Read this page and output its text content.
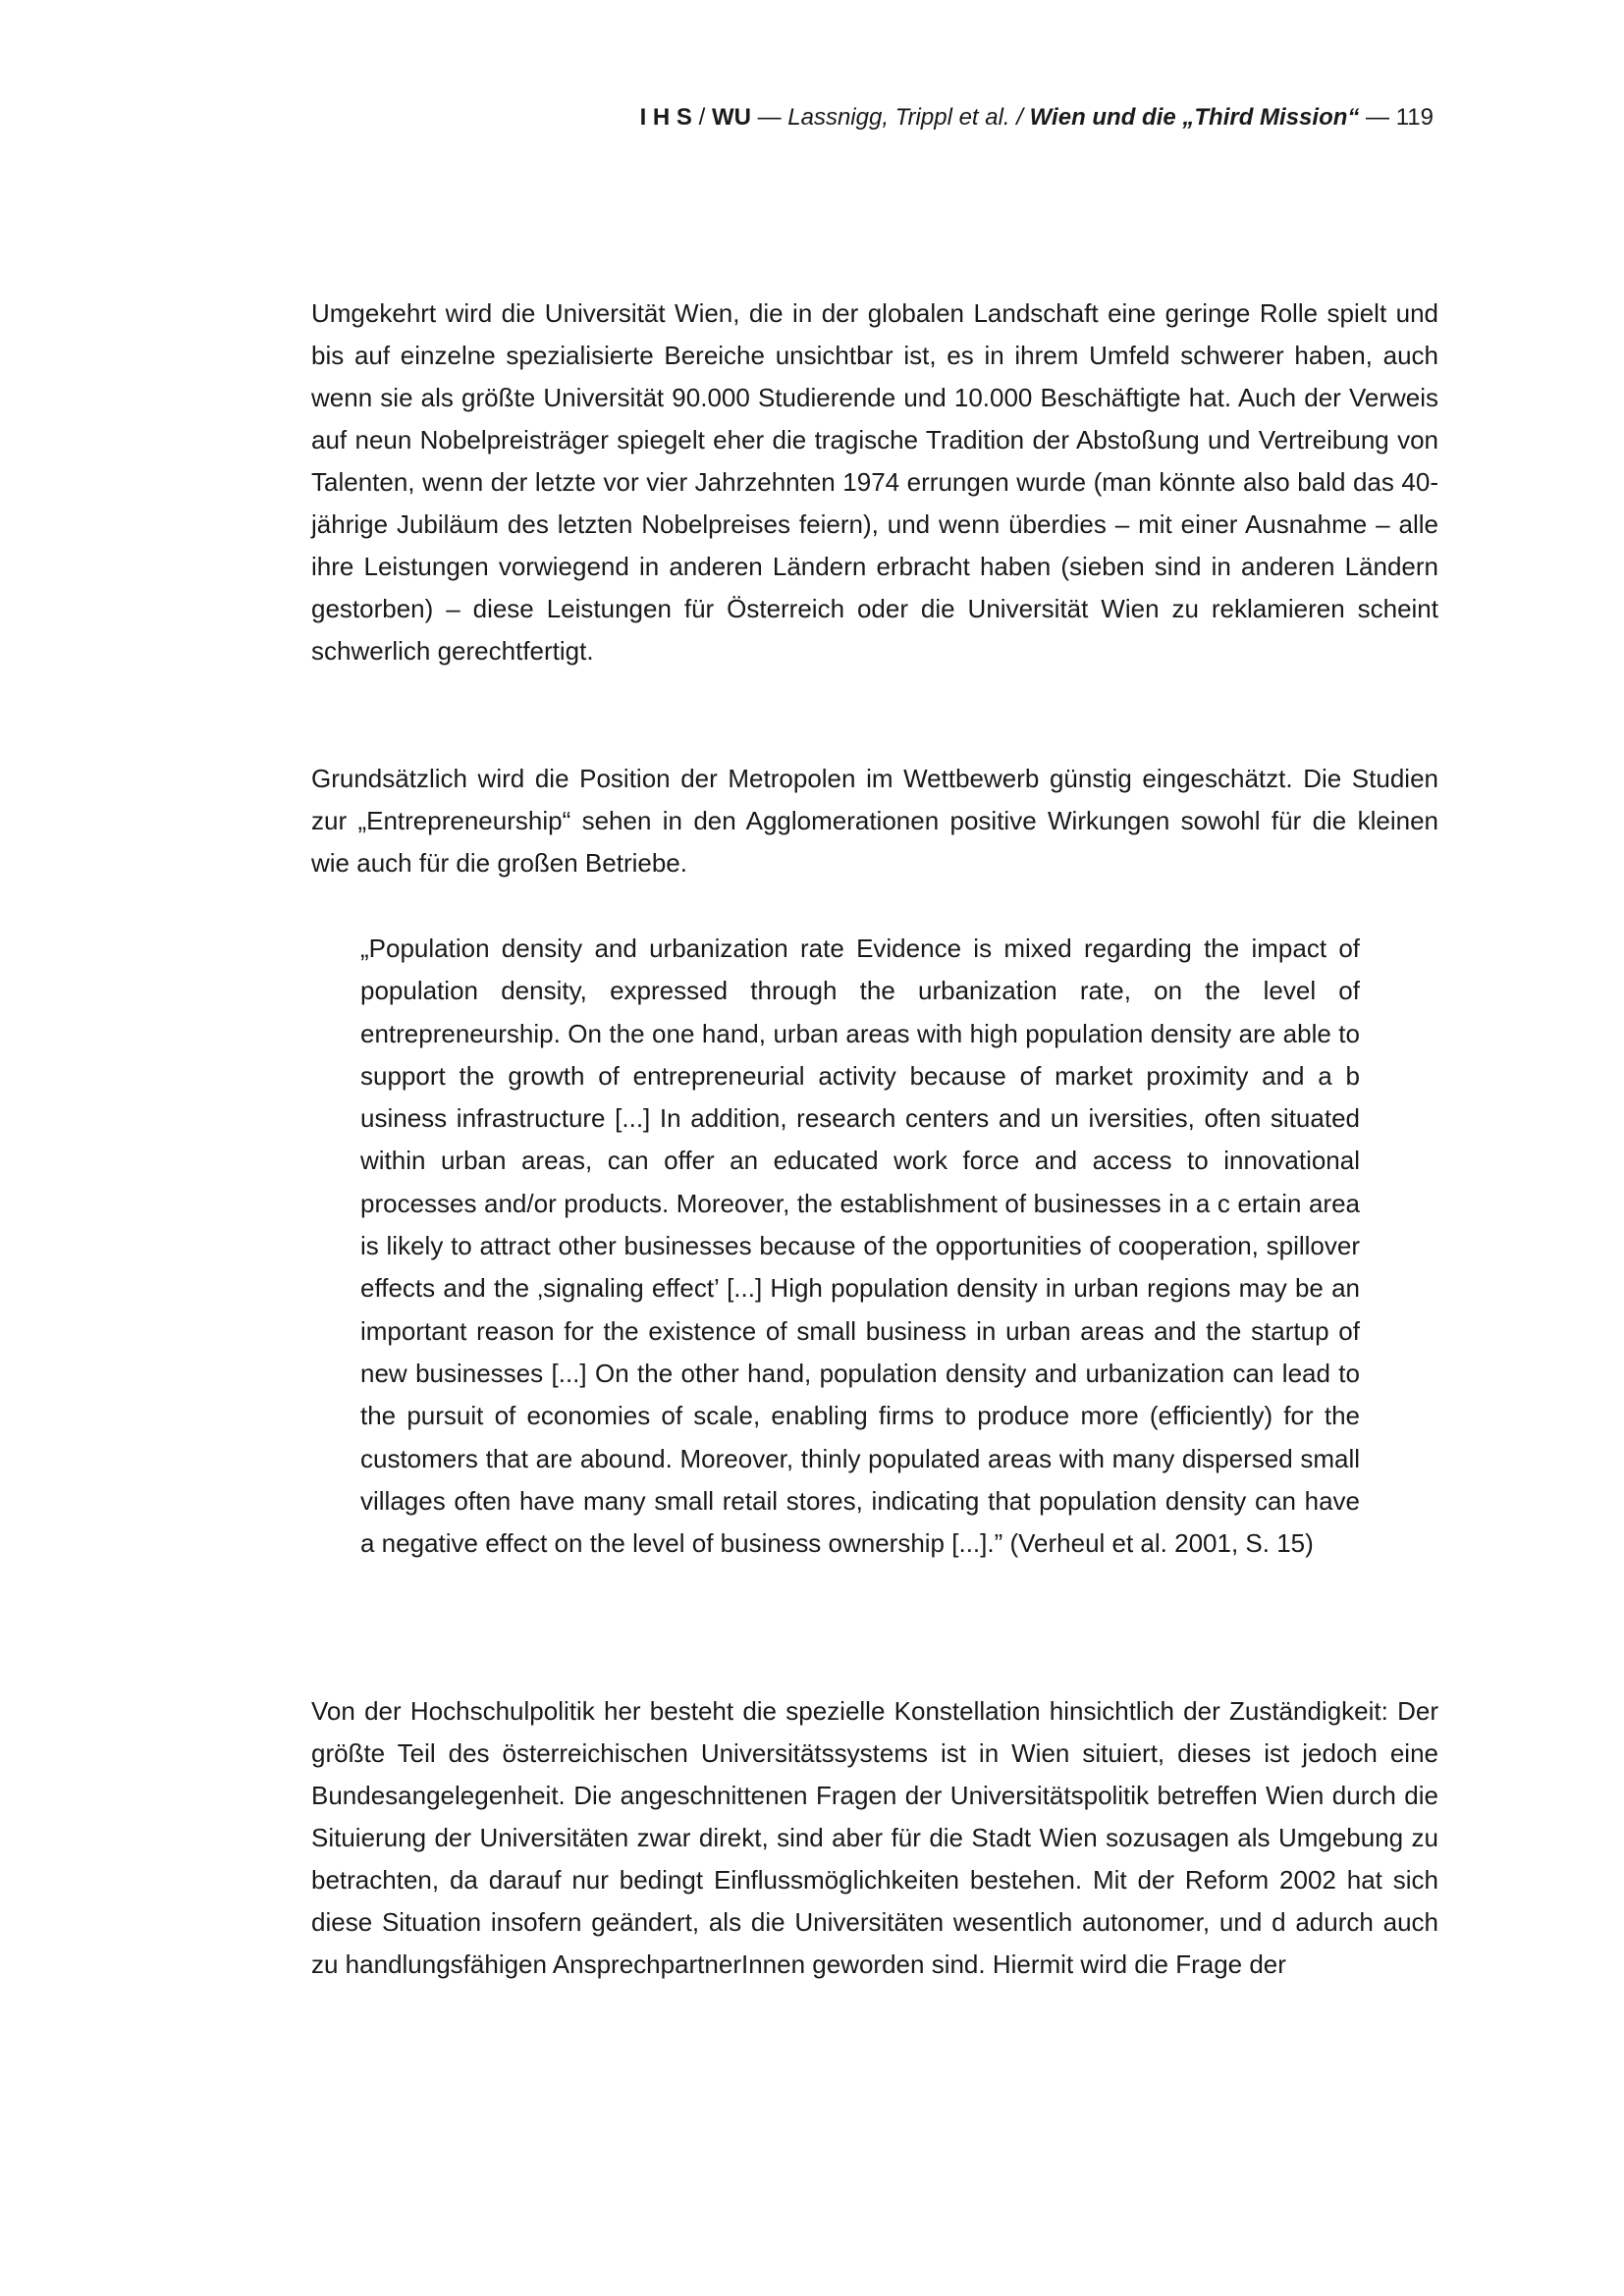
I H S / WU — Lassnigg, Trippl et al. / Wien und die „Third Mission“ — 119

Umgekehrt wird die Universität Wien, die in der globalen Landschaft eine geringe Rolle spielt und bis auf einzelne spezialisierte Bereiche unsichtbar ist, es in ihrem Umfeld schwerer haben, auch wenn sie als größte Universität 90.000 Studierende und 10.000 Beschäftigte hat. Auch der Verweis auf neun Nobelpreisträger spiegelt eher die tragische Tradition der Abstoßung und Vertreibung von Talenten, wenn der letzte vor vier Jahrzehnten 1974 errungen wurde (man könnte also bald das 40-jährige Jubiläum des letzten Nobelpreises feiern), und wenn überdies – mit einer Ausnahme – alle ihre Leistungen vorwiegend in anderen Ländern erbracht haben (sieben sind in anderen Ländern gestorben) – diese Leistungen für Österreich oder die Universität Wien zu reklamieren scheint schwerlich gerechtfertigt.

Grundsätzlich wird die Position der Metropolen im Wettbewerb günstig eingeschätzt. Die Studien zur „Entrepreneurship“ sehen in den Agglomerationen positive Wirkungen sowohl für die kleinen wie auch für die großen Betriebe.

„Population density and urbanization rate Evidence is mixed regarding the impact of population density, expressed through the urbanization rate, on the level of entrepreneurship. On the one hand, urban areas with high population density are able to support the growth of entrepreneurial activity because of market proximity and a b usiness infrastructure [...] In addition, research centers and un iversities, often situated within urban areas, can offer an educated work force and access to innovational processes and/or products. Moreover, the establishment of businesses in a c ertain area is likely to attract other businesses because of the opportunities of cooperation, spillover effects and the ‚signaling effect’ [...] High population density in urban regions may be an important reason for the existence of small business in urban areas and the startup of new businesses [...] On the other hand, population density and urbanization can lead to the pursuit of economies of scale, enabling firms to produce more (efficiently) for the customers that are abound. Moreover, thinly populated areas with many dispersed small villages often have many small retail stores, indicating that population density can have a negative effect on the level of business ownership [...].” (Verheul et al. 2001, S. 15)

Von der Hochschulpolitik her besteht die spezielle Konstellation hinsichtlich der Zuständigkeit: Der größte Teil des österreichischen Universitätssystems ist in Wien situiert, dieses ist jedoch eine Bundesangelegenheit. Die angeschnittenen Fragen der Universitätspolitik betreffen Wien durch die Situierung der Universitäten zwar direkt, sind aber für die Stadt Wien sozusagen als Umgebung zu betrachten, da darauf nur bedingt Einflussmöglichkeiten bestehen. Mit der Reform 2002 hat sich diese Situation insofern geändert, als die Universitäten wesentlich autonomer, und d adurch auch zu handlungsfähigen AnsprechpartnerInnen geworden sind. Hiermit wird die Frage der
